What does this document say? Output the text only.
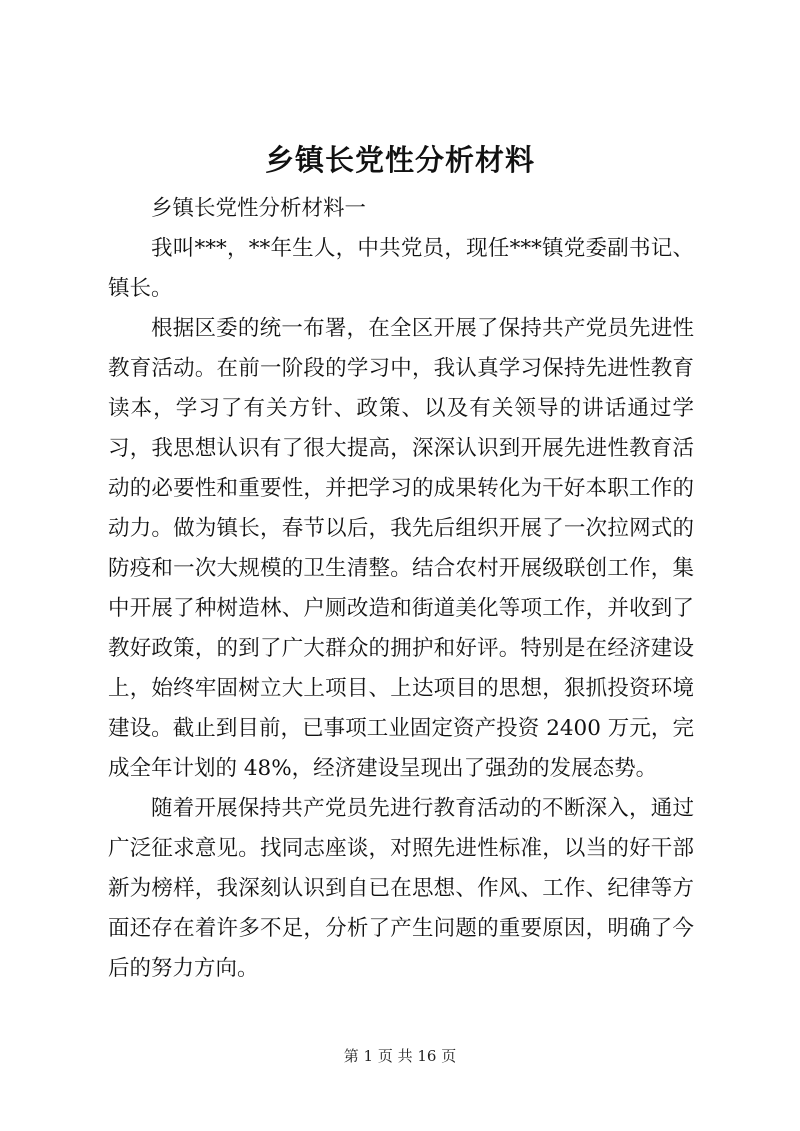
乡镇长党性分析材料

乡镇长党性分析材料一

我叫***，**年生人，中共党员，现任***镇党委副书记、镇长。

根据区委的统一布署，在全区开展了保持共产党员先进性教育活动。在前一阶段的学习中，我认真学习保持先进性教育读本，学习了有关方针、政策、以及有关领导的讲话通过学习，我思想认识有了很大提高，深深认识到开展先进性教育活动的必要性和重要性，并把学习的成果转化为干好本职工作的动力。做为镇长，春节以后，我先后组织开展了一次拉网式的防疫和一次大规模的卫生清整。结合农村开展级联创工作，集中开展了种树造林、户厕改造和街道美化等项工作，并收到了教好政策，的到了广大群众的拥护和好评。特别是在经济建设上，始终牢固树立大上项目、上达项目的思想，狠抓投资环境建设。截止到目前，已事项工业固定资产投资 2400 万元，完成全年计划的 48%，经济建设呈现出了强劲的发展态势。

随着开展保持共产党员先进行教育活动的不断深入，通过广泛征求意见。找同志座谈，对照先进性标准，以当的好干部新为榜样，我深刻认识到自已在思想、作风、工作、纪律等方面还存在着许多不足，分析了产生问题的重要原因，明确了今后的努力方向。

第 1 页 共 16 页
